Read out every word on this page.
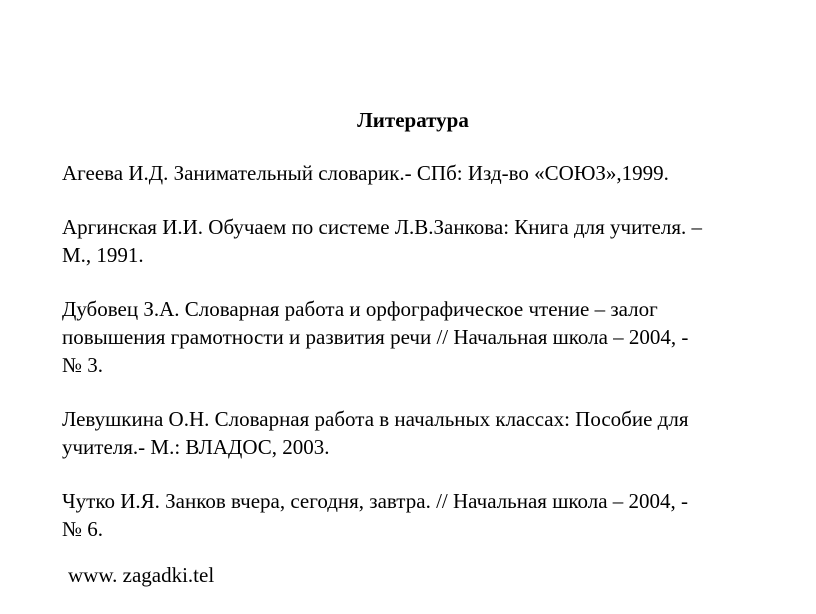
Литература
Агеева И.Д. Занимательный словарик.- СПб: Изд-во «СОЮЗ»,1999.
Аргинская И.И. Обучаем по системе Л.В.Занкова: Книга для учителя. –
М., 1991.
Дубовец З.А. Словарная работа и орфографическое чтение – залог
повышения грамотности и развития речи // Начальная школа – 2004, -
№ 3.
Левушкина О.Н. Словарная работа в начальных классах: Пособие для
учителя.- М.: ВЛАДОС, 2003.
Чутко И.Я. Занков вчера, сегодня, завтра. // Начальная школа – 2004, -
№ 6.
www. zagadki.tel
